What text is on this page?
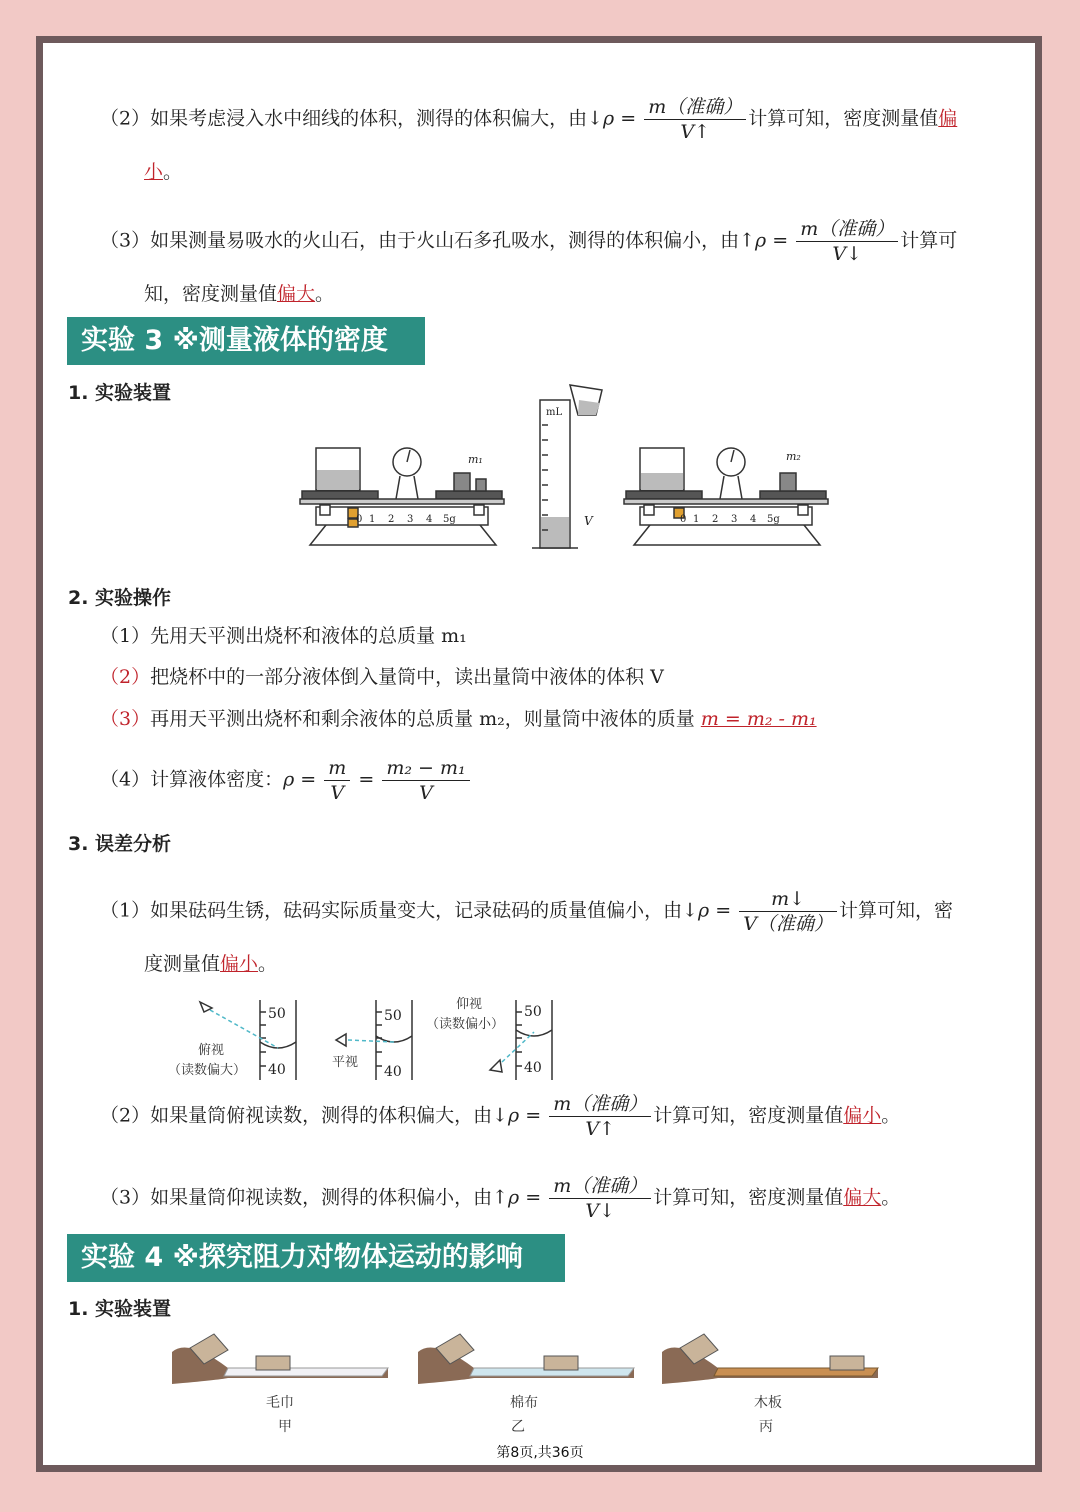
（2）如果考虑浸入水中细线的体积，测得的体积偏大，由↓ρ = $\frac{\text{m（准确）}}{V↑}$ 计算可知，密度测量值偏
小。
（3）如果测量易吸水的火山石，由于火山石多孔吸水，测得的体积偏小，由↑ρ = $\frac{\text{m（准确）}}{V↓}$ 计算可
知，密度测量值偏大。
实验 3 ※测量液体的密度
1. 实验装置
0 1 2 3 4 5g
m₁
mL
V	0 1 2 3 4 5g
m₂
2. 实验操作
（1）先用天平测出烧杯和液体的总质量 m₁
（2）把烧杯中的一部分液体倒入量筒中，读出量筒中液体的体积 V
（3）再用天平测出烧杯和剩余液体的总质量 m₂，则量筒中液体的质量 m = m₂ - m₁
（4）计算液体密度：$\rho = \frac{m}{V} = \frac{\text{m₂ − m₁}}{V}$
3. 误差分析
（1）如果砝码生锈，砝码实际质量变大，记录砝码的质量值偏小，由↓ρ = $\frac{m↓}{\text{V（准确）}}$ 计算可知，密
度测量值偏小。
50
40
50
40
50
40
俯视
（读数偏大）
平视
仰视
（读数偏小）
（2）如果量筒俯视读数，测得的体积偏大，由↓ρ = $\frac{\text{m（准确）}}{V↑}$ 计算可知，密度测量值偏小。
（3）如果量筒仰视读数，测得的体积偏小，由↑ρ = $\frac{\text{m（准确）}}{V↓}$ 计算可知，密度测量值偏大。
实验 4 ※探究阻力对物体运动的影响
1. 实验装置
毛巾
甲
棉布
乙
木板
丙
第8页,共36页
